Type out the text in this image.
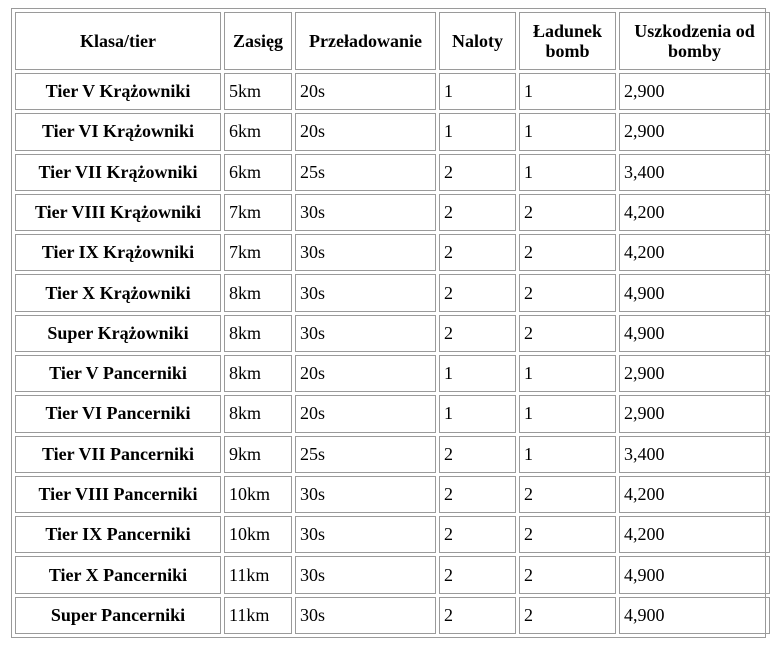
Klasa/tier	Zasięg	Przeładowanie	Naloty	Ładunek bomb	Uszkodzenia od bomby
Tier V Krążowniki	5km	20s	1	1	2,900
Tier VI Krążowniki	6km	20s	1	1	2,900
Tier VII Krążowniki	6km	25s	2	1	3,400
Tier VIII Krążowniki	7km	30s	2	2	4,200
Tier IX Krążowniki	7km	30s	2	2	4,200
Tier X Krążowniki	8km	30s	2	2	4,900
Super Krążowniki	8km	30s	2	2	4,900
Tier V Pancerniki	8km	20s	1	1	2,900
Tier VI Pancerniki	8km	20s	1	1	2,900
Tier VII Pancerniki	9km	25s	2	1	3,400
Tier VIII Pancerniki	10km	30s	2	2	4,200
Tier IX Pancerniki	10km	30s	2	2	4,200
Tier X Pancerniki	11km	30s	2	2	4,900
Super Pancerniki	11km	30s	2	2	4,900
